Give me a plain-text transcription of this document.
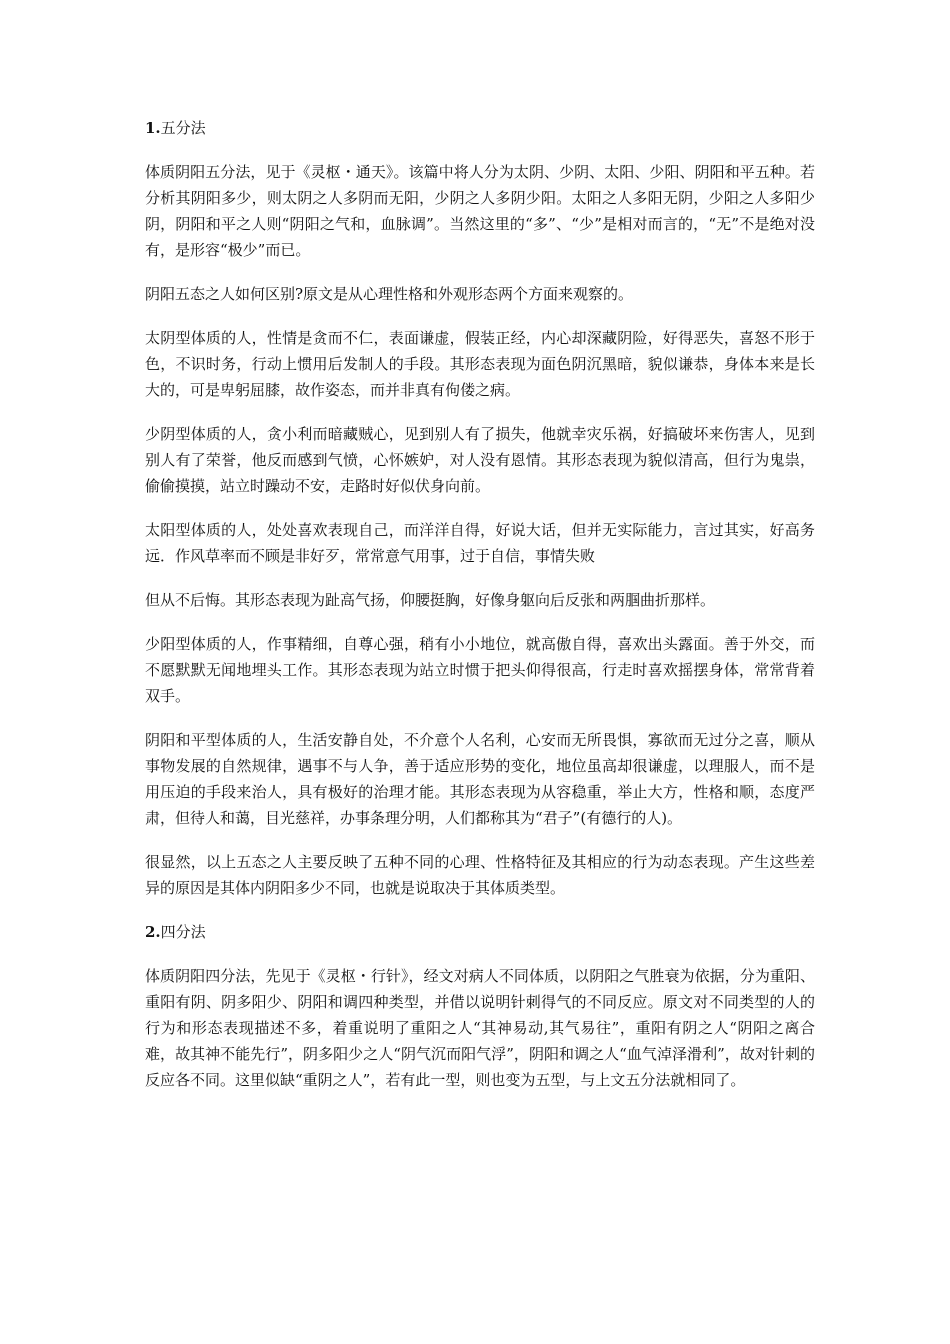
1.五分法

体质阴阳五分法，见于《灵枢・通天》。该篇中将人分为太阴、少阴、太阳、少阳、阴阳和平五种。若分析其阴阳多少，则太阴之人多阴而无阳，少阴之人多阴少阳。太阳之人多阳无阴，少阳之人多阳少阴，阴阳和平之人则“阴阳之气和，血脉调”。当然这里的“多”、“少”是相对而言的，“无”不是绝对没有，是形容“极少”而已。

阴阳五态之人如何区别?原文是从心理性格和外观形态两个方面来观察的。

太阴型体质的人，性情是贪而不仁，表面谦虚，假装正经，内心却深藏阴险，好得恶失，喜怒不形于色，不识时务，行动上惯用后发制人的手段。其形态表现为面色阴沉黑暗，貌似谦恭，身体本来是长大的，可是卑躬屈膝，故作姿态，而并非真有佝偻之病。

少阴型体质的人，贪小利而暗藏贼心，见到别人有了损失，他就幸灾乐祸，好搞破坏来伤害人，见到别人有了荣誉，他反而感到气愤，心怀嫉妒，对人没有恩情。其形态表现为貌似清高，但行为鬼祟，偷偷摸摸，站立时躁动不安，走路时好似伏身向前。

太阳型体质的人，处处喜欢表现自己，而洋洋自得，好说大话，但并无实际能力，言过其实，好高务远．作风草率而不顾是非好歹，常常意气用事，过于自信，事情失败

但从不后悔。其形态表现为趾高气扬，仰腰挺胸，好像身躯向后反张和两腘曲折那样。

少阳型体质的人，作事精细，自尊心强，稍有小小地位，就高傲自得，喜欢出头露面。善于外交，而不愿默默无闻地埋头工作。其形态表现为站立时惯于把头仰得很高，行走时喜欢摇摆身体，常常背着双手。

阴阳和平型体质的人，生活安静自处，不介意个人名利，心安而无所畏惧，寡欲而无过分之喜，顺从事物发展的自然规律，遇事不与人争，善于适应形势的变化，地位虽高却很谦虚，以理服人，而不是用压迫的手段来治人，具有极好的治理才能。其形态表现为从容稳重，举止大方，性格和顺，态度严肃，但待人和蔼，目光慈祥，办事条理分明，人们都称其为“君子”(有德行的人)。

很显然，以上五态之人主要反映了五种不同的心理、性格特征及其相应的行为动态表现。产生这些差异的原因是其体内阴阳多少不同，也就是说取决于其体质类型。

2.四分法

体质阴阳四分法，先见于《灵枢・行针》，经文对病人不同体质，以阴阳之气胜衰为依据，分为重阳、重阳有阴、阴多阳少、阴阳和调四种类型，并借以说明针刺得气的不同反应。原文对不同类型的人的行为和形态表现描述不多，着重说明了重阳之人“其神易动,其气易往”，重阳有阴之人“阴阳之离合难，故其神不能先行”，阴多阳少之人“阴气沉而阳气浮”，阴阳和调之人“血气淖泽滑利”，故对针刺的反应各不同。这里似缺“重阴之人”，若有此一型，则也变为五型，与上文五分法就相同了。
